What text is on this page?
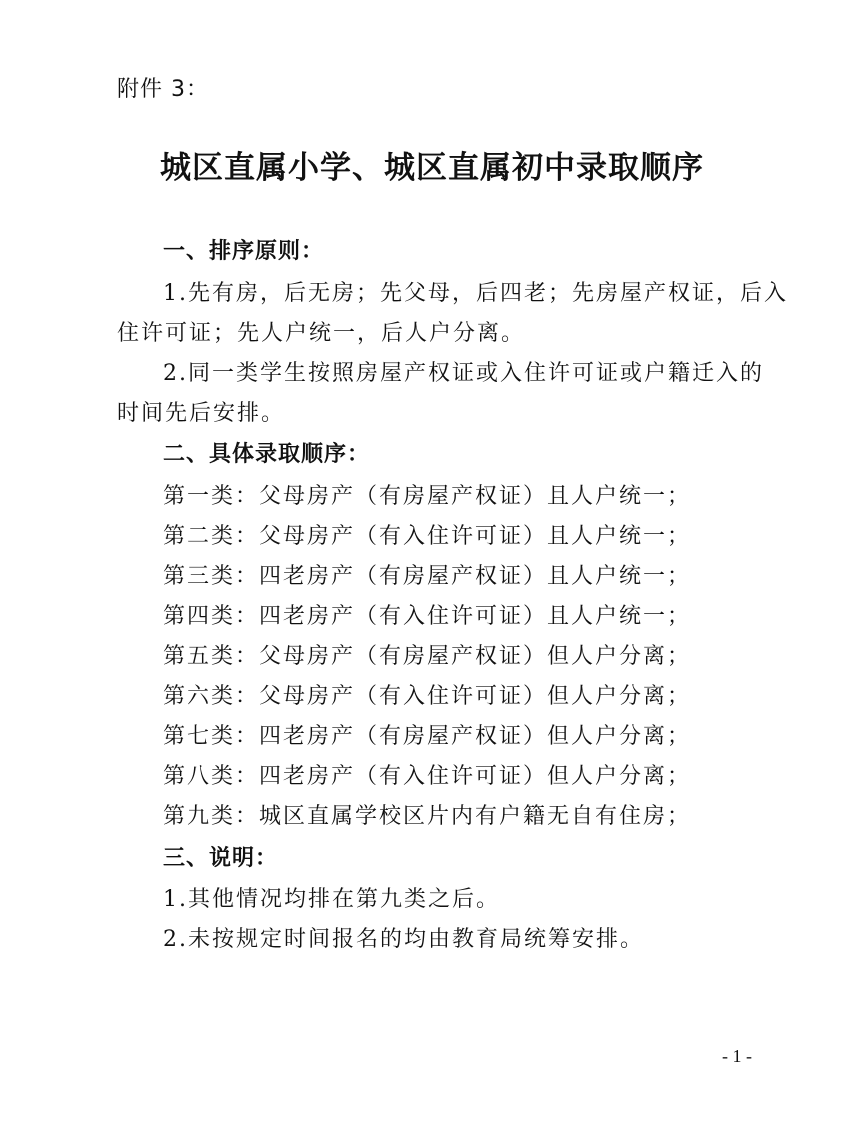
附件 3：
城区直属小学、城区直属初中录取顺序
一、排序原则：
1.先有房，后无房；先父母，后四老；先房屋产权证，后入
住许可证；先人户统一，后人户分离。
2.同一类学生按照房屋产权证或入住许可证或户籍迁入的
时间先后安排。
二、具体录取顺序：
第一类：父母房产（有房屋产权证）且人户统一；
第二类：父母房产（有入住许可证）且人户统一；
第三类：四老房产（有房屋产权证）且人户统一；
第四类：四老房产（有入住许可证）且人户统一；
第五类：父母房产（有房屋产权证）但人户分离；
第六类：父母房产（有入住许可证）但人户分离；
第七类：四老房产（有房屋产权证）但人户分离；
第八类：四老房产（有入住许可证）但人户分离；
第九类：城区直属学校区片内有户籍无自有住房；
三、说明：
1.其他情况均排在第九类之后。
2.未按规定时间报名的均由教育局统筹安排。
- 1 -
